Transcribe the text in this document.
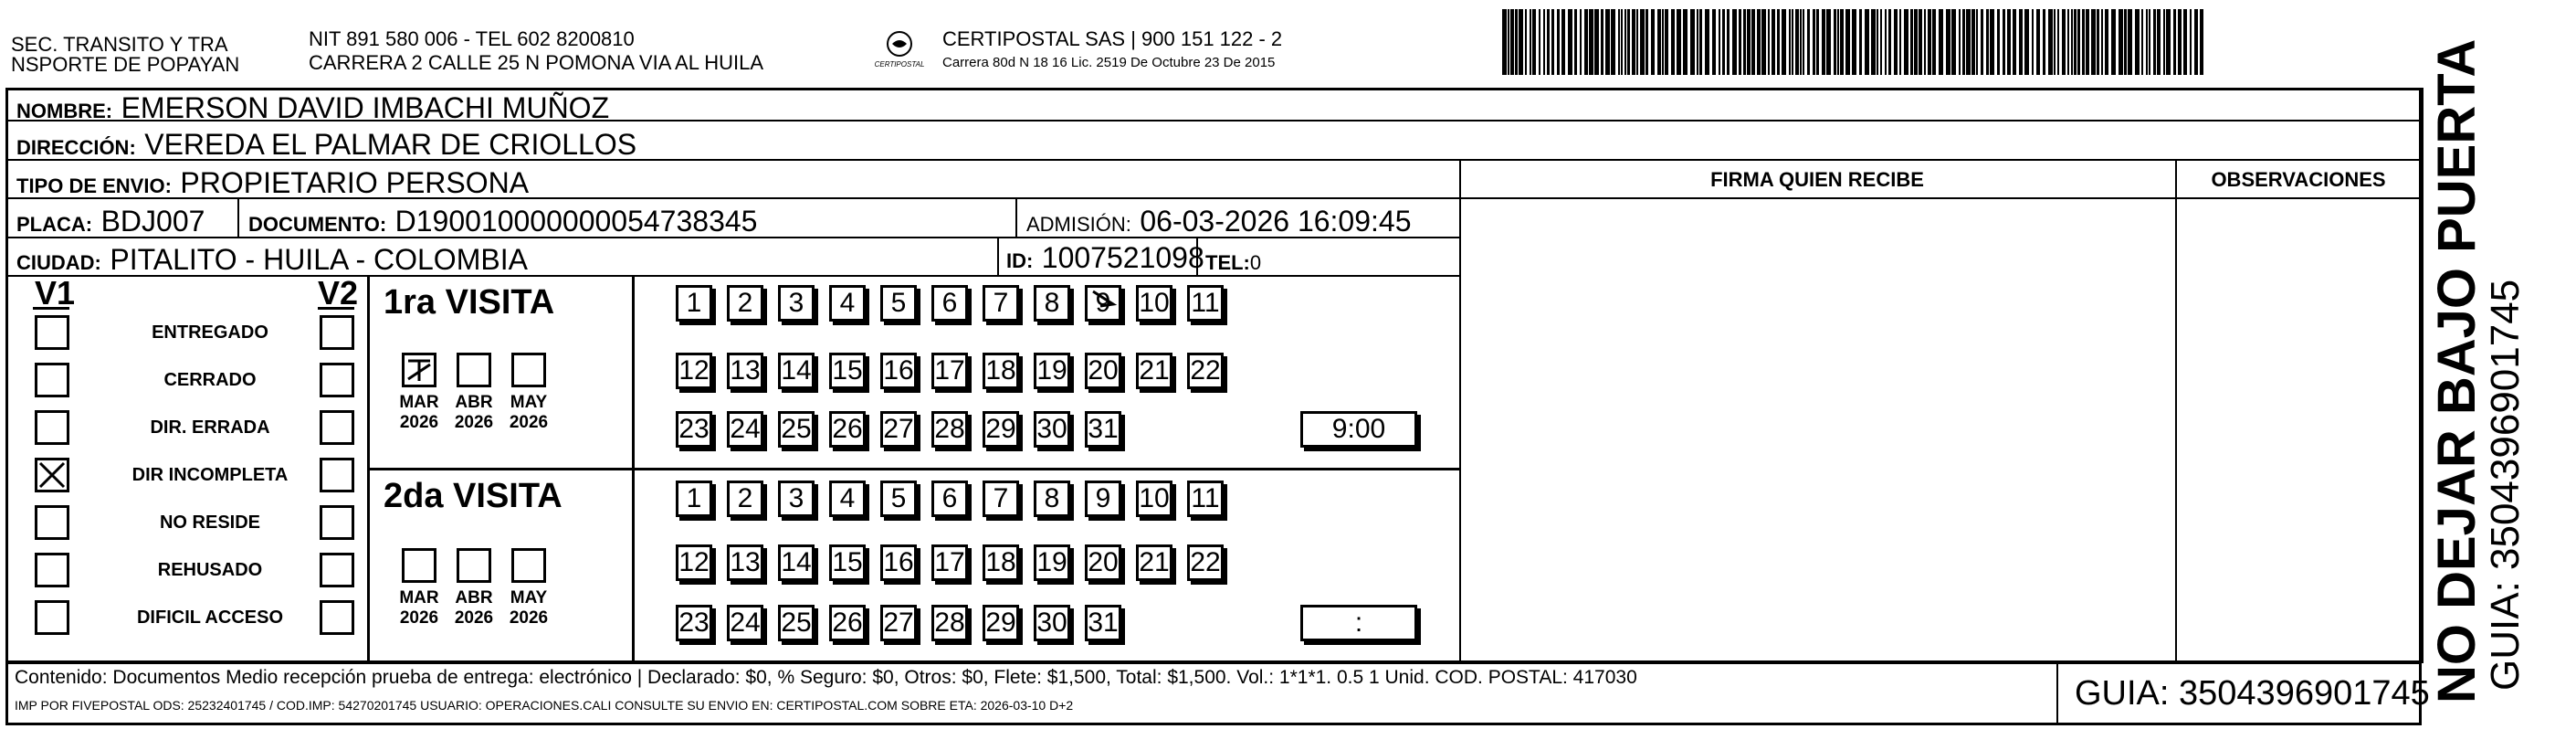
SEC. TRANSITO Y TRA
NSPORTE DE POPAYAN
NIT 891 580 006 - TEL 602 8200810
CARRERA 2 CALLE 25 N POMONA VIA AL HUILA	CERTIPOSTAL
CERTIPOSTAL SAS | 900 151 122 - 2
Carrera 80d N 18 16 Lic. 2519 De Octubre 23 De 2015
NOMBRE: EMERSON DAVID IMBACHI MUÑOZ
DIRECCIÓN: VEREDA EL PALMAR DE CRIOLLOS
TIPO DE ENVIO: PROPIETARIO PERSONA
PLACA: BDJ007 DOCUMENTO: D190010000000054738345	ADMISIÓN: 06-03-2026 16:09:45
CIUDAD: PITALITO - HUILA - COLOMBIA	ID: 1007521098 TEL:0
FIRMA QUIEN RECIBE	OBSERVACIONES
V1	V2
ENTREGADO
CERRADO
DIR. ERRADA
DIR INCOMPLETA
NO RESIDE
REHUSADO
DIFICIL ACCESO
1ra VISITA
MAR
2026
ABR
2026
MAY
2026
1	2	3	4	5	6	7	8	9	10 11
12 13 14 15 16 17 18 19 20 21 22
23 24 25 26 27 28 29 30 31	9:00
2da VISITA
MAR
2026
ABR
2026
MAY
2026
1	2	3	4	5	6	7	8	9	10 11
12 13 14 15 16 17 18 19 20 21 22
23 24 25 26 27 28 29 30 31	:	NO DEJAR BAJO PUERTA
GUIA: 3504396901745
Contenido: Documentos Medio recepción prueba de entrega: electrónico | Declarado: $0, % Seguro: $0, Otros: $0, Flete: $1,500, Total: $1,500. Vol.: 1*1*1. 0.5 1 Unid. COD. POSTAL: 417030
IMP POR FIVEPOSTAL ODS: 25232401745 / COD.IMP: 54270201745 USUARIO: OPERACIONES.CALI CONSULTE SU ENVIO EN: CERTIPOSTAL.COM SOBRE ETA: 2026-03-10 D+2	GUIA: 3504396901745
